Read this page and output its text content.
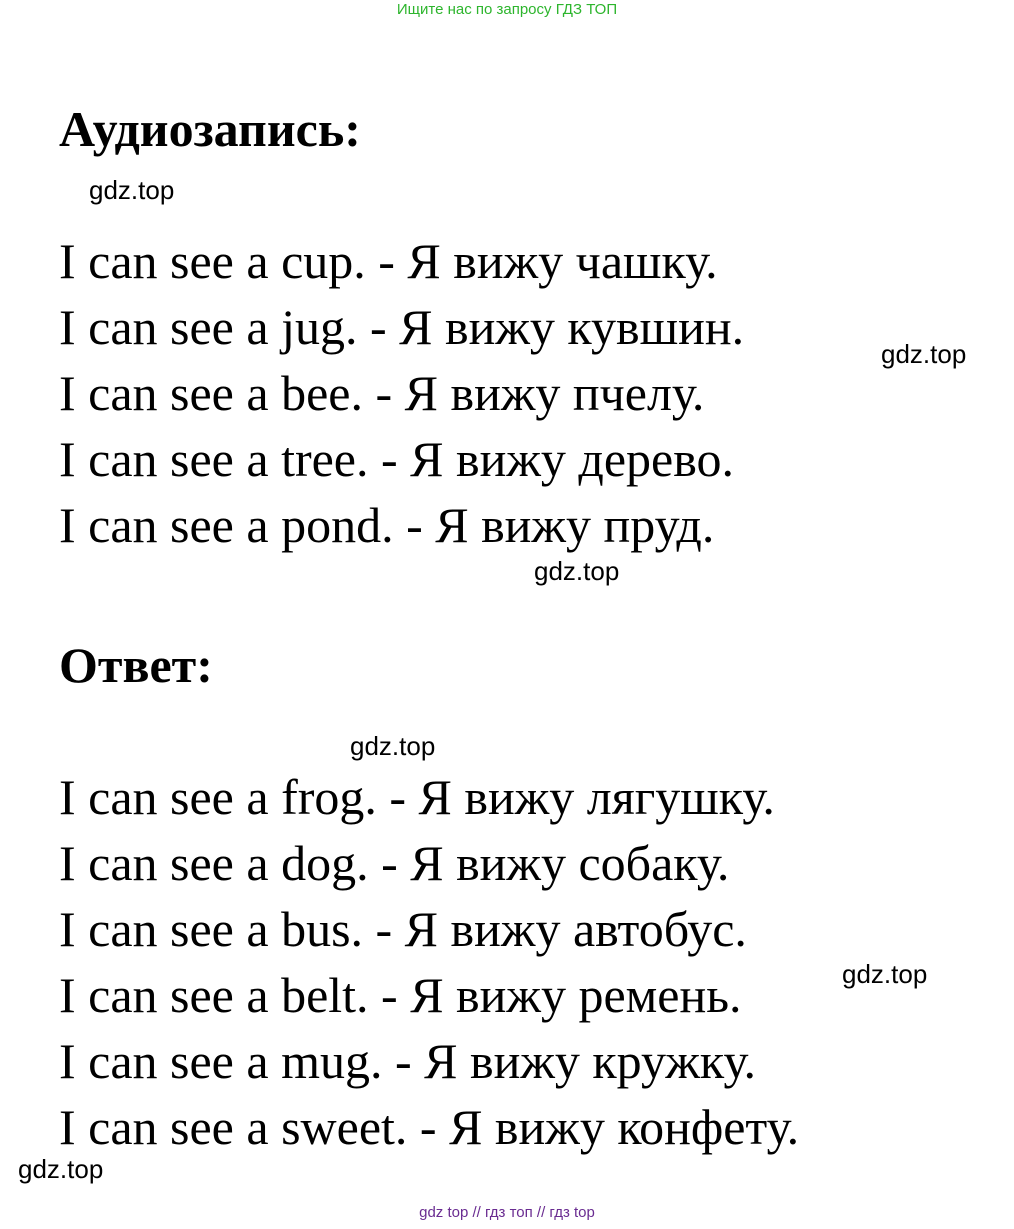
Ищите нас по запросу ГДЗ ТОП
Аудиозапись:
I can see a cup. - Я вижу чашку.
I can see a jug. - Я вижу кувшин.
I can see a bee. - Я вижу пчелу.
I can see a tree. - Я вижу дерево.
I can see a pond. - Я вижу пруд.
Ответ:
I can see a frog. - Я вижу лягушку.
I can see a dog. - Я вижу собаку.
I can see a bus. - Я вижу автобус.
I can see a belt. - Я вижу ремень.
I can see a mug. - Я вижу кружку.
I can see a sweet. - Я вижу конфету.
gdz.top
gdz.top
gdz.top
gdz.top
gdz.top
gdz.top
gdz top // гдз топ // гдз top
